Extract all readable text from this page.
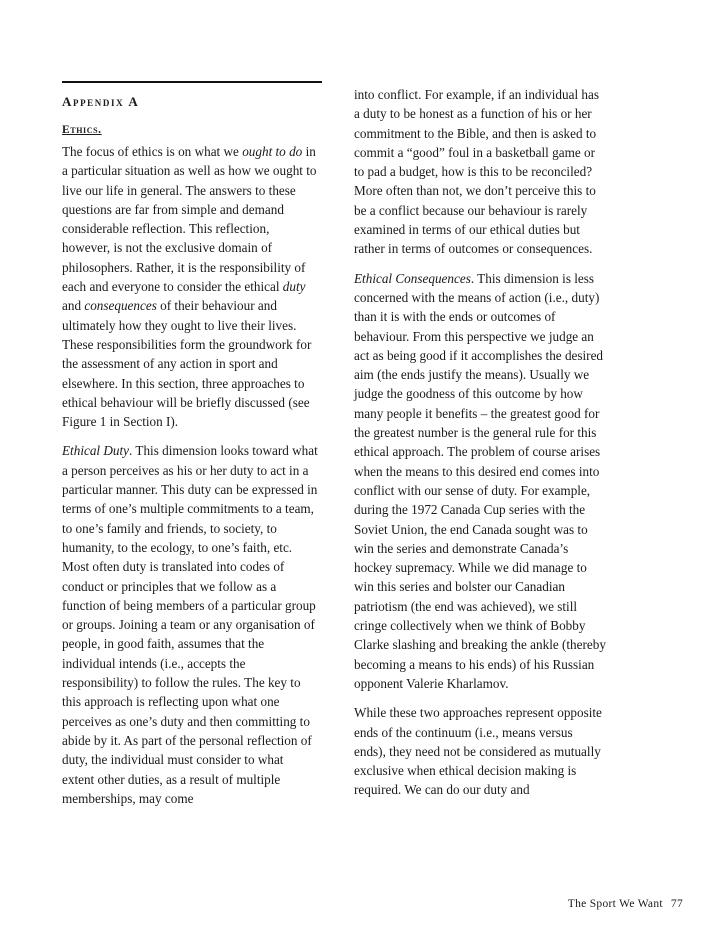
Appendix A
Ethics.

The focus of ethics is on what we ought to do in a particular situation as well as how we ought to live our life in general. The answers to these questions are far from simple and demand considerable reflection. This reflection, however, is not the exclusive domain of philosophers. Rather, it is the responsibility of each and everyone to consider the ethical duty and consequences of their behaviour and ultimately how they ought to live their lives. These responsibilities form the groundwork for the assessment of any action in sport and elsewhere. In this section, three approaches to ethical behaviour will be briefly discussed (see Figure 1 in Section I).

Ethical Duty. This dimension looks toward what a person perceives as his or her duty to act in a particular manner. This duty can be expressed in terms of one’s multiple commitments to a team, to one’s family and friends, to society, to humanity, to the ecology, to one’s faith, etc. Most often duty is translated into codes of conduct or principles that we follow as a function of being members of a particular group or groups. Joining a team or any organisation of people, in good faith, assumes that the individual intends (i.e., accepts the responsibility) to follow the rules. The key to this approach is reflecting upon what one perceives as one’s duty and then committing to abide by it. As part of the personal reflection of duty, the individual must consider to what extent other duties, as a result of multiple memberships, may come

into conflict. For example, if an individual has a duty to be honest as a function of his or her commitment to the Bible, and then is asked to commit a “good” foul in a basketball game or to pad a budget, how is this to be reconciled? More often than not, we don’t perceive this to be a conflict because our behaviour is rarely examined in terms of our ethical duties but rather in terms of outcomes or consequences.

Ethical Consequences. This dimension is less concerned with the means of action (i.e., duty) than it is with the ends or outcomes of behaviour. From this perspective we judge an act as being good if it accomplishes the desired aim (the ends justify the means). Usually we judge the goodness of this outcome by how many people it benefits – the greatest good for the greatest number is the general rule for this ethical approach. The problem of course arises when the means to this desired end comes into conflict with our sense of duty. For example, during the 1972 Canada Cup series with the Soviet Union, the end Canada sought was to win the series and demonstrate Canada’s hockey supremacy. While we did manage to win this series and bolster our Canadian patriotism (the end was achieved), we still cringe collectively when we think of Bobby Clarke slashing and breaking the ankle (thereby becoming a means to his ends) of his Russian opponent Valerie Kharlamov.

While these two approaches represent opposite ends of the continuum (i.e., means versus ends), they need not be considered as mutually exclusive when ethical decision making is required. We can do our duty and

The Sport We Want 77
